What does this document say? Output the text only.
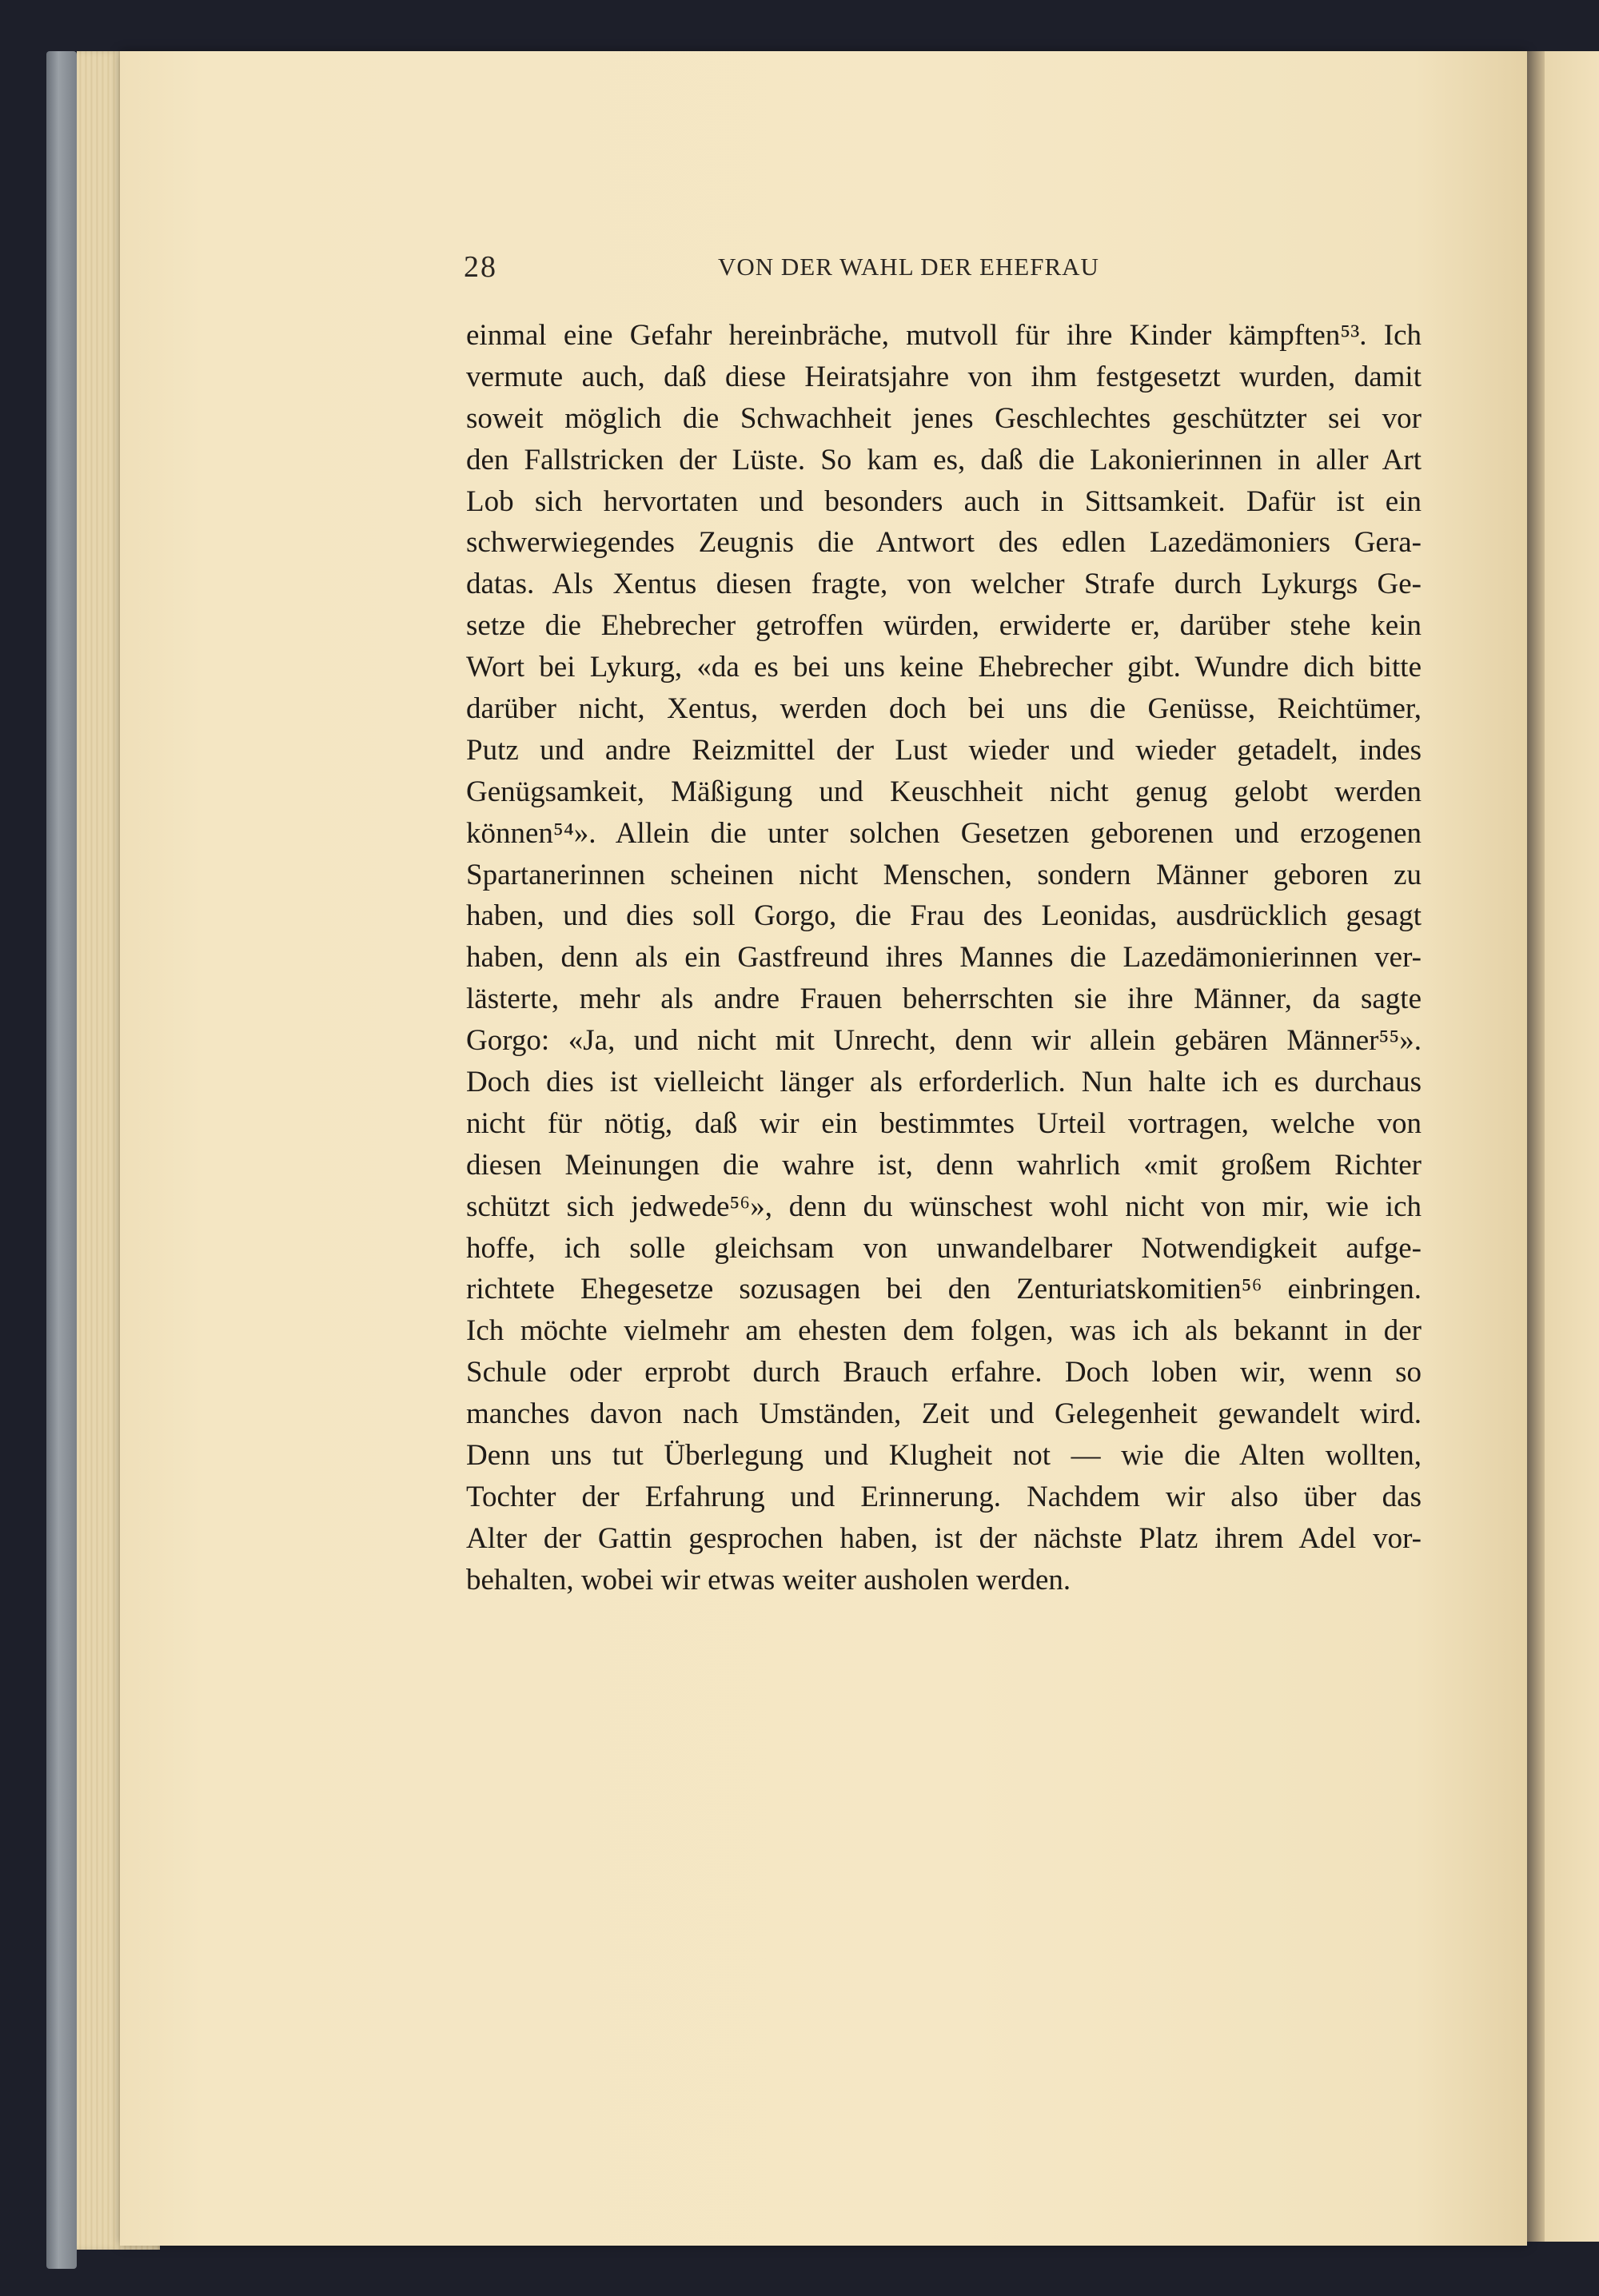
28	VON DER WAHL DER EHEFRAU
einmal eine Gefahr hereinbräche, mutvoll für ihre Kinder kämpften⁵³. Ich
vermute auch, daß diese Heiratsjahre von ihm festgesetzt wurden, damit
soweit möglich die Schwachheit jenes Geschlechtes geschützter sei vor
den Fallstricken der Lüste. So kam es, daß die Lakonierinnen in aller Art
Lob sich hervortaten und besonders auch in Sittsamkeit. Dafür ist ein
schwerwiegendes Zeugnis die Antwort des edlen Lazedämoniers Gera-
datas. Als Xentus diesen fragte, von welcher Strafe durch Lykurgs Ge-
setze die Ehebrecher getroffen würden, erwiderte er, darüber stehe kein
Wort bei Lykurg, «da es bei uns keine Ehebrecher gibt. Wundre dich bitte
darüber nicht, Xentus, werden doch bei uns die Genüsse, Reichtümer,
Putz und andre Reizmittel der Lust wieder und wieder getadelt, indes
Genügsamkeit, Mäßigung und Keuschheit nicht genug gelobt werden
können⁵⁴». Allein die unter solchen Gesetzen geborenen und erzogenen
Spartanerinnen scheinen nicht Menschen, sondern Männer geboren zu
haben, und dies soll Gorgo, die Frau des Leonidas, ausdrücklich gesagt
haben, denn als ein Gastfreund ihres Mannes die Lazedämonierinnen ver-
lästerte, mehr als andre Frauen beherrschten sie ihre Männer, da sagte
Gorgo: «Ja, und nicht mit Unrecht, denn wir allein gebären Männer⁵⁵».
Doch dies ist vielleicht länger als erforderlich. Nun halte ich es durchaus
nicht für nötig, daß wir ein bestimmtes Urteil vortragen, welche von
diesen Meinungen die wahre ist, denn wahrlich «mit großem Richter
schützt sich jedwede⁵⁶», denn du wünschest wohl nicht von mir, wie ich
hoffe, ich solle gleichsam von unwandelbarer Notwendigkeit aufge-
richtete Ehegesetze sozusagen bei den Zenturiatskomitien⁵⁶ einbringen.
Ich möchte vielmehr am ehesten dem folgen, was ich als bekannt in der
Schule oder erprobt durch Brauch erfahre. Doch loben wir, wenn so
manches davon nach Umständen, Zeit und Gelegenheit gewandelt wird.
Denn uns tut Überlegung und Klugheit not — wie die Alten wollten,
Tochter der Erfahrung und Erinnerung. Nachdem wir also über das
Alter der Gattin gesprochen haben, ist der nächste Platz ihrem Adel vor-
behalten, wobei wir etwas weiter ausholen werden.
